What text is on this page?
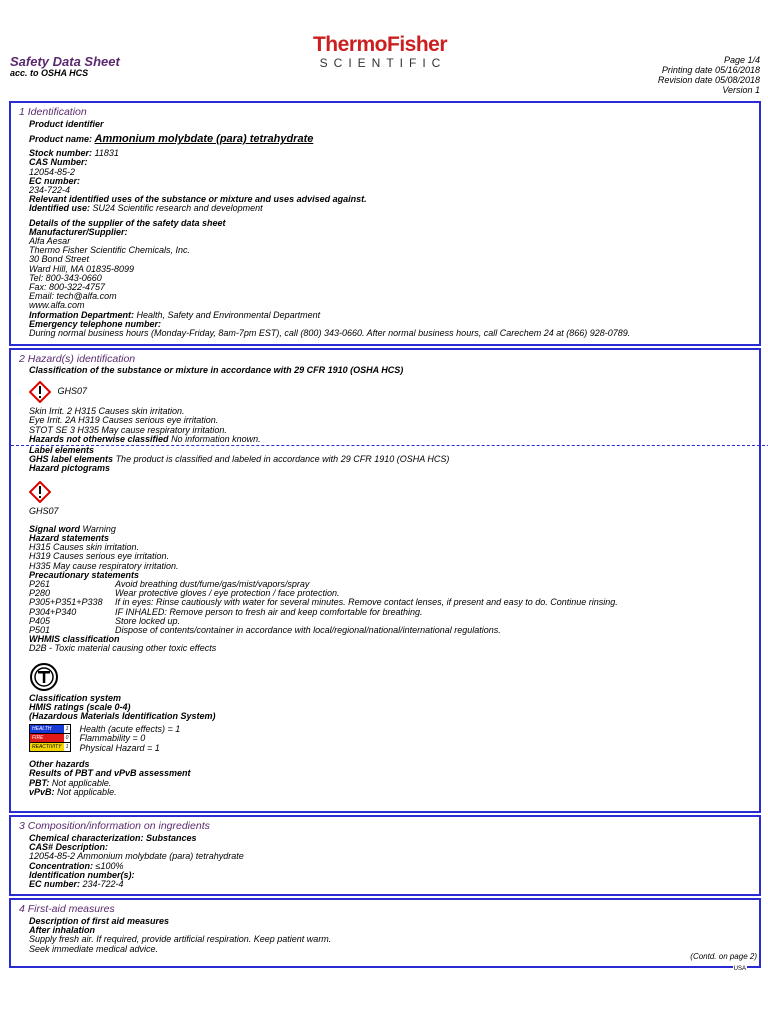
Safety Data Sheet
acc. to OSHA HCS
ThermoFisher
SCIENTIFIC	Page 1/4
Printing date 05/16/2018
Revision date 05/08/2018
Version 1
1 Identification
Product identifier
Product name: Ammonium molybdate (para) tetrahydrate
Stock number: 11831
CAS Number:
12054-85-2
EC number:
234-722-4
Relevant identified uses of the substance or mixture and uses advised against.
Identified use: SU24 Scientific research and development
Details of the supplier of the safety data sheet
Manufacturer/Supplier:
Alfa Aesar
Thermo Fisher Scientific Chemicals, Inc.
30 Bond Street
Ward Hill, MA 01835-8099
Tel: 800-343-0660
Fax: 800-322-4757
Email: tech@alfa.com
www.alfa.com
Information Department: Health, Safety and Environmental Department
Emergency telephone number:
During normal business hours (Monday-Friday, 8am-7pm EST), call (800) 343-0660. After normal business hours, call Carechem 24 at (866) 928-0789.
2 Hazard(s) identification
Classification of the substance or mixture in accordance with 29 CFR 1910 (OSHA HCS)
GHS07
Skin Irrit. 2 H315 Causes skin irritation.
Eye Irrit. 2A H319 Causes serious eye irritation.
STOT SE 3 H335 May cause respiratory irritation.
Hazards not otherwise classified No information known.
Label elements
GHS label elements The product is classified and labeled in accordance with 29 CFR 1910 (OSHA HCS)
Hazard pictograms
GHS07
Signal word Warning
Hazard statements
H315 Causes skin irritation.
H319 Causes serious eye irritation.
H335 May cause respiratory irritation.
Precautionary statements
P261	Avoid breathing dust/fume/gas/mist/vapors/spray
P280	Wear protective gloves / eye protection / face protection.
P305+P351+P338 If in eyes: Rinse cautiously with water for several minutes. Remove contact lenses, if present and easy to do. Continue rinsing.
P304+P340	IF INHALED: Remove person to fresh air and keep comfortable for breathing.
P405	Store locked up.
P501	Dispose of contents/container in accordance with local/regional/national/international regulations.
WHMIS classification
D2B - Toxic material causing other toxic effects
Classification system
HMIS ratings (scale 0-4)
(Hazardous Materials Identification System)
HEALTH	1
FIRE	0
REACTIVITY 1

Health (acute effects) = 1
Flammability = 0
Physical Hazard = 1
Other hazards
Results of PBT and vPvB assessment
PBT: Not applicable.
vPvB: Not applicable.
3 Composition/information on ingredients
Chemical characterization: Substances
CAS# Description:
12054-85-2 Ammonium molybdate (para) tetrahydrate
Concentration: ≤100%
Identification number(s):
EC number: 234-722-4
4 First-aid measures
Description of first aid measures
After inhalation
Supply fresh air. If required, provide artificial respiration. Keep patient warm.
Seek immediate medical advice.
(Contd. on page 2)
USA
